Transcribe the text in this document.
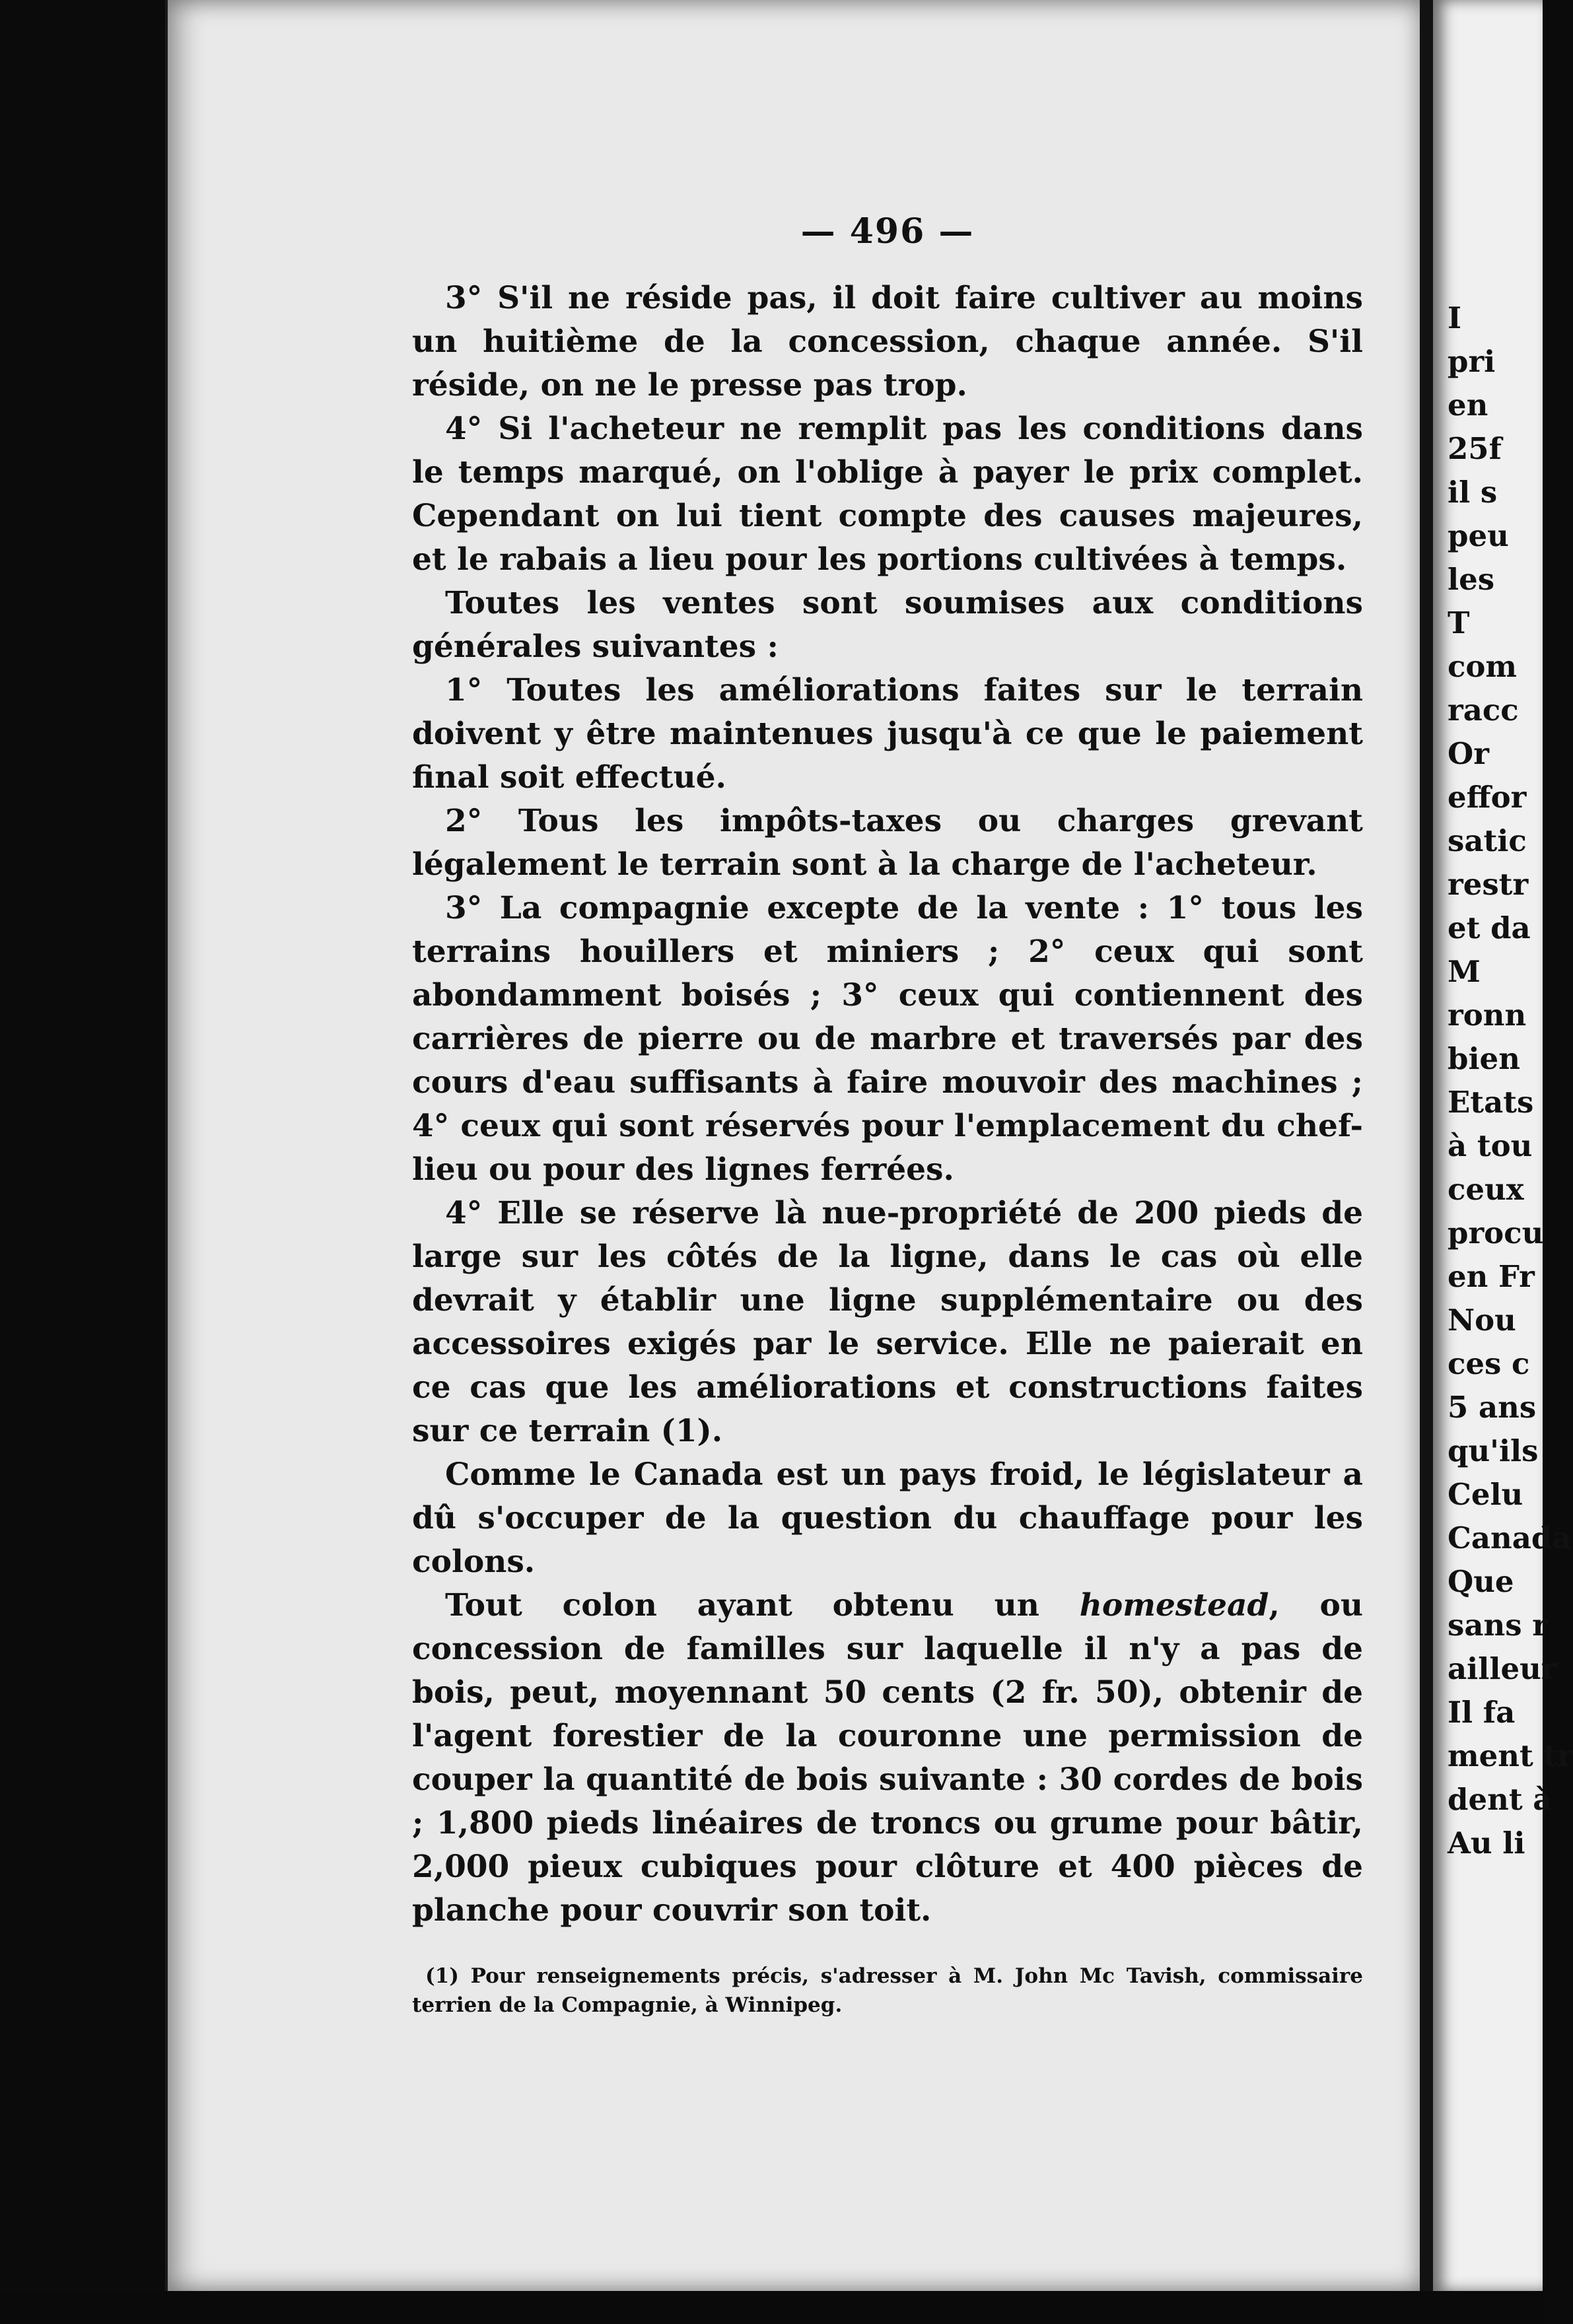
— 496 —

3° S'il ne réside pas, il doit faire cultiver au moins un huitième de la concession, chaque année. S'il réside, on ne le presse pas trop.

4° Si l'acheteur ne remplit pas les conditions dans le temps marqué, on l'oblige à payer le prix complet. Cependant on lui tient compte des causes majeures, et le rabais a lieu pour les portions cultivées à temps.

Toutes les ventes sont soumises aux conditions générales suivantes :

1° Toutes les améliorations faites sur le terrain doivent y être maintenues jusqu'à ce que le paiement final soit effectué.

2° Tous les impôts-taxes ou charges grevant légalement le terrain sont à la charge de l'acheteur.

3° La compagnie excepte de la vente : 1° tous les terrains houillers et miniers ; 2° ceux qui sont abondamment boisés ; 3° ceux qui contiennent des carrières de pierre ou de marbre et traversés par des cours d'eau suffisants à faire mouvoir des machines ; 4° ceux qui sont réservés pour l'emplacement du chef-lieu ou pour des lignes ferrées.

4° Elle se réserve là nue-propriété de 200 pieds de large sur les côtés de la ligne, dans le cas où elle devrait y établir une ligne supplémentaire ou des accessoires exigés par le service. Elle ne paierait en ce cas que les améliorations et constructions faites sur ce terrain (1).

Comme le Canada est un pays froid, le législateur a dû s'occuper de la question du chauffage pour les colons.

Tout colon ayant obtenu un homestead, ou concession de familles sur laquelle il n'y a pas de bois, peut, moyennant 50 cents (2 fr. 50), obtenir de l'agent forestier de la couronne une permission de couper la quantité de bois suivante : 30 cordes de bois ; 1,800 pieds linéaires de troncs ou grume pour bâtir, 2,000 pieux cubiques pour clôture et 400 pièces de planche pour couvrir son toit.

(1) Pour renseignements précis, s'adresser à M. John Mc Tavish, commissaire terrien de la Compagnie, à Winnipeg.
I
pri
en
25f
il s
peu
les
T
com
racc
Or
effor
satic
restr
et da
M
ronn
bien
Etats
à tou
ceux
procu
en Fr
Nou
ces c
5 ans
qu'ils
Celu
Canada
Que
sans r
ailleur
Il fa
ment tr
dent à
Au li
